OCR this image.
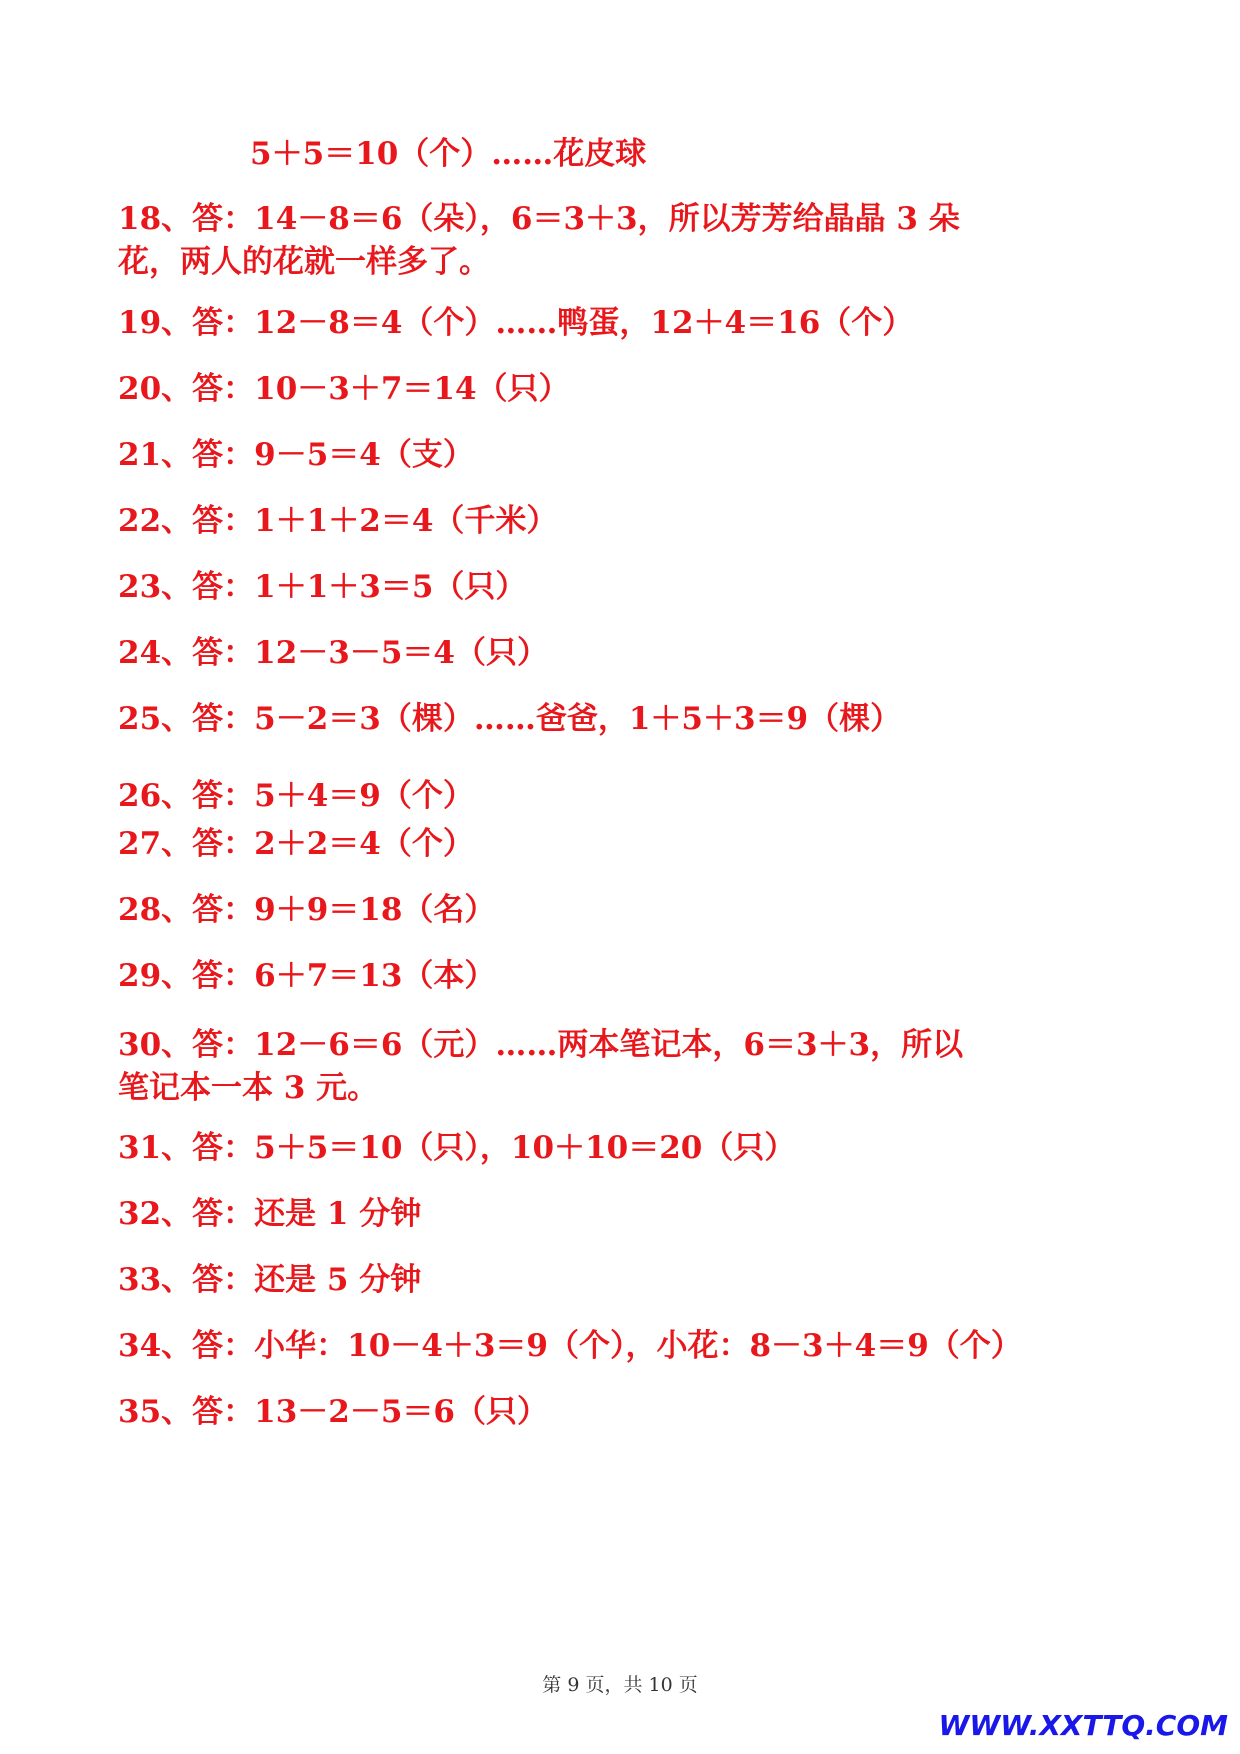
5＋5＝10（个）……花皮球
18、答：14－8＝6（朵），6＝3＋3，所以芳芳给晶晶 3 朵花，两人的花就一样多了。
19、答：12－8＝4（个）……鸭蛋，12＋4＝16（个）
20、答：10－3＋7＝14（只）
21、答：9－5＝4（支）
22、答：1＋1＋2＝4（千米）
23、答：1＋1＋3＝5（只）
24、答：12－3－5＝4（只）
25、答：5－2＝3（棵）……爸爸，1＋5＋3＝9（棵）
26、答：5＋4＝9（个）
27、答：2＋2＝4（个）
28、答：9＋9＝18（名）
29、答：6＋7＝13（本）
30、答：12－6＝6（元）……两本笔记本，6＝3＋3，所以笔记本一本 3 元。
31、答：5＋5＝10（只），10＋10＝20（只）
32、答：还是 1 分钟
33、答：还是 5 分钟
34、答：小华：10－4＋3＝9（个），小花：8－3＋4＝9（个）
35、答：13－2－5＝6（只）
第 9 页，共 10 页
WWW.XXTTQ.COM
